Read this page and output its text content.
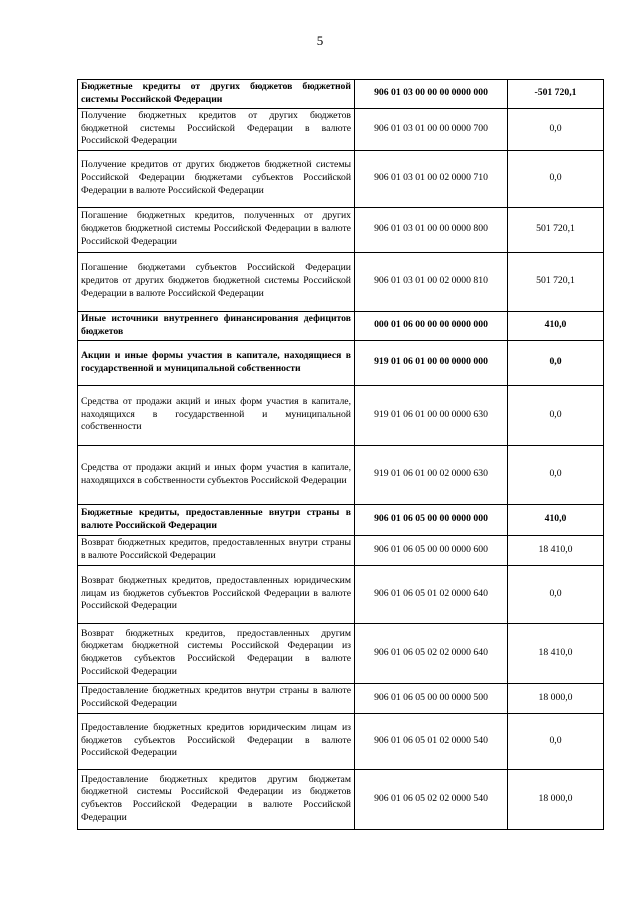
5
Бюджетные кредиты от других бюджетов бюджетной системы Российской Федерации	906 01 03 00 00 00 0000 000	-501 720,1
Получение бюджетных кредитов от других бюджетов бюджетной системы Российской Федерации в валюте Российской Федерации	906 01 03 01 00 00 0000 700	0,0
Получение кредитов от других бюджетов бюджетной системы Российской Федерации бюджетами субъектов Российской Федерации в валюте Российской Федерации	906 01 03 01 00 02 0000 710	0,0
Погашение бюджетных кредитов, полученных от других бюджетов бюджетной системы Российской Федерации в валюте Российской Федерации	906 01 03 01 00 00 0000 800	501 720,1
Погашение бюджетами субъектов Российской Федерации кредитов от других бюджетов бюджетной системы Российской Федерации в валюте Российской Федерации	906 01 03 01 00 02 0000 810	501 720,1
Иные источники внутреннего финансирования дефицитов бюджетов	000 01 06 00 00 00 0000 000	410,0
Акции и иные формы участия в капитале, находящиеся в государственной и муниципальной собственности	919 01 06 01 00 00 0000 000	0,0
Средства от продажи акций и иных форм участия в капитале, находящихся в государственной и муниципальной собственности	919 01 06 01 00 00 0000 630	0,0
Средства от продажи акций и иных форм участия в капитале, находящихся в собственности субъектов Российской Федерации	919 01 06 01 00 02 0000 630	0,0
Бюджетные кредиты, предоставленные внутри страны в валюте Российской Федерации	906 01 06 05 00 00 0000 000	410,0
Возврат бюджетных кредитов, предоставленных внутри страны в валюте Российской Федерации	906 01 06 05 00 00 0000 600	18 410,0
Возврат бюджетных кредитов, предоставленных юридическим лицам из бюджетов субъектов Российской Федерации в валюте Российской Федерации	906 01 06 05 01 02 0000 640	0,0
Возврат бюджетных кредитов, предоставленных другим бюджетам бюджетной системы Российской Федерации из бюджетов субъектов Российской Федерации в валюте Российской Федерации	906 01 06 05 02 02 0000 640	18 410,0
Предоставление бюджетных кредитов внутри страны в валюте Российской Федерации	906 01 06 05 00 00 0000 500	18 000,0
Предоставление бюджетных кредитов юридическим лицам из бюджетов субъектов Российской Федерации в валюте Российской Федерации	906 01 06 05 01 02 0000 540	0,0
Предоставление бюджетных кредитов другим бюджетам бюджетной системы Российской Федерации из бюджетов субъектов Российской Федерации в валюте Российской Федерации	906 01 06 05 02 02 0000 540	18 000,0
